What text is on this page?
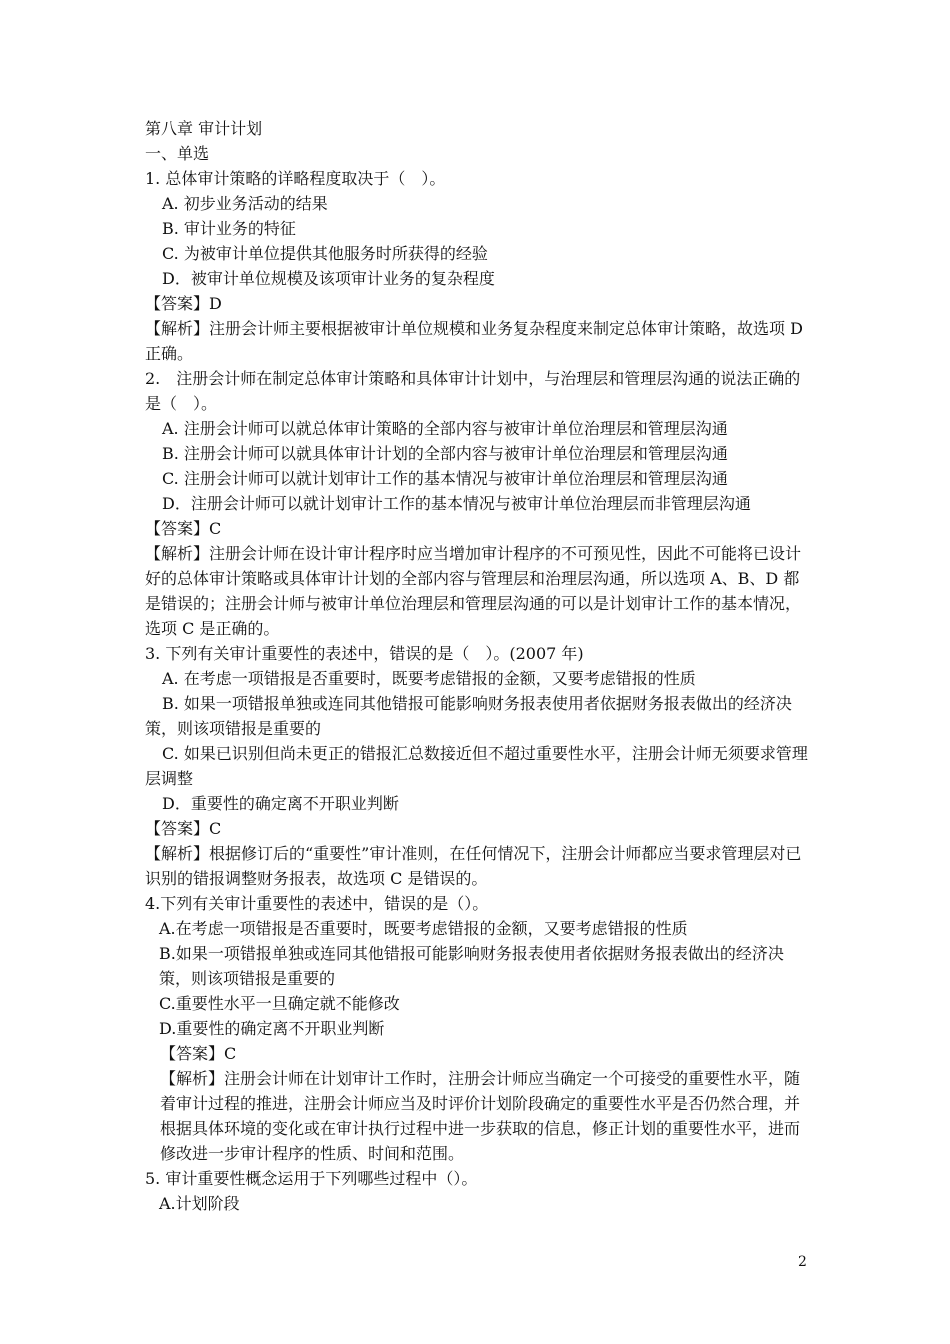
第八章 审计计划
一、单选
1. 总体审计策略的详略程度取决于（　）。
A. 初步业务活动的结果
B. 审计业务的特征
C. 为被审计单位提供其他服务时所获得的经验
D．被审计单位规模及该项审计业务的复杂程度
【答案】D
【解析】注册会计师主要根据被审计单位规模和业务复杂程度来制定总体审计策略，故选项 D 正确。
2.　注册会计师在制定总体审计策略和具体审计计划中，与治理层和管理层沟通的说法正确的是（　）。
A. 注册会计师可以就总体审计策略的全部内容与被审计单位治理层和管理层沟通
B. 注册会计师可以就具体审计计划的全部内容与被审计单位治理层和管理层沟通
C. 注册会计师可以就计划审计工作的基本情况与被审计单位治理层和管理层沟通
D．注册会计师可以就计划审计工作的基本情况与被审计单位治理层而非管理层沟通
【答案】C
【解析】注册会计师在设计审计程序时应当增加审计程序的不可预见性，因此不可能将已设计好的总体审计策略或具体审计计划的全部内容与管理层和治理层沟通，所以选项 A、B、D 都是错误的；注册会计师与被审计单位治理层和管理层沟通的可以是计划审计工作的基本情况，选项 C 是正确的。
3. 下列有关审计重要性的表述中，错误的是（　）。(2007 年)
A. 在考虑一项错报是否重要时，既要考虑错报的金额，又要考虑错报的性质
B. 如果一项错报单独或连同其他错报可能影响财务报表使用者依据财务报表做出的经济决策，则该项错报是重要的
C. 如果已识别但尚未更正的错报汇总数接近但不超过重要性水平，注册会计师无须要求管理层调整
D．重要性的确定离不开职业判断
【答案】C
【解析】根据修订后的“重要性”审计准则，在任何情况下，注册会计师都应当要求管理层对已识别的错报调整财务报表，故选项 C 是错误的。
4.下列有关审计重要性的表述中，错误的是（）。
A.在考虑一项错报是否重要时，既要考虑错报的金额，又要考虑错报的性质
B.如果一项错报单独或连同其他错报可能影响财务报表使用者依据财务报表做出的经济决策，则该项错报是重要的
C.重要性水平一旦确定就不能修改
D.重要性的确定离不开职业判断
【答案】C
【解析】注册会计师在计划审计工作时，注册会计师应当确定一个可接受的重要性水平，随着审计过程的推进，注册会计师应当及时评价计划阶段确定的重要性水平是否仍然合理，并根据具体环境的变化或在审计执行过程中进一步获取的信息，修正计划的重要性水平，进而修改进一步审计程序的性质、时间和范围。
5. 审计重要性概念运用于下列哪些过程中（）。
A.计划阶段
2
